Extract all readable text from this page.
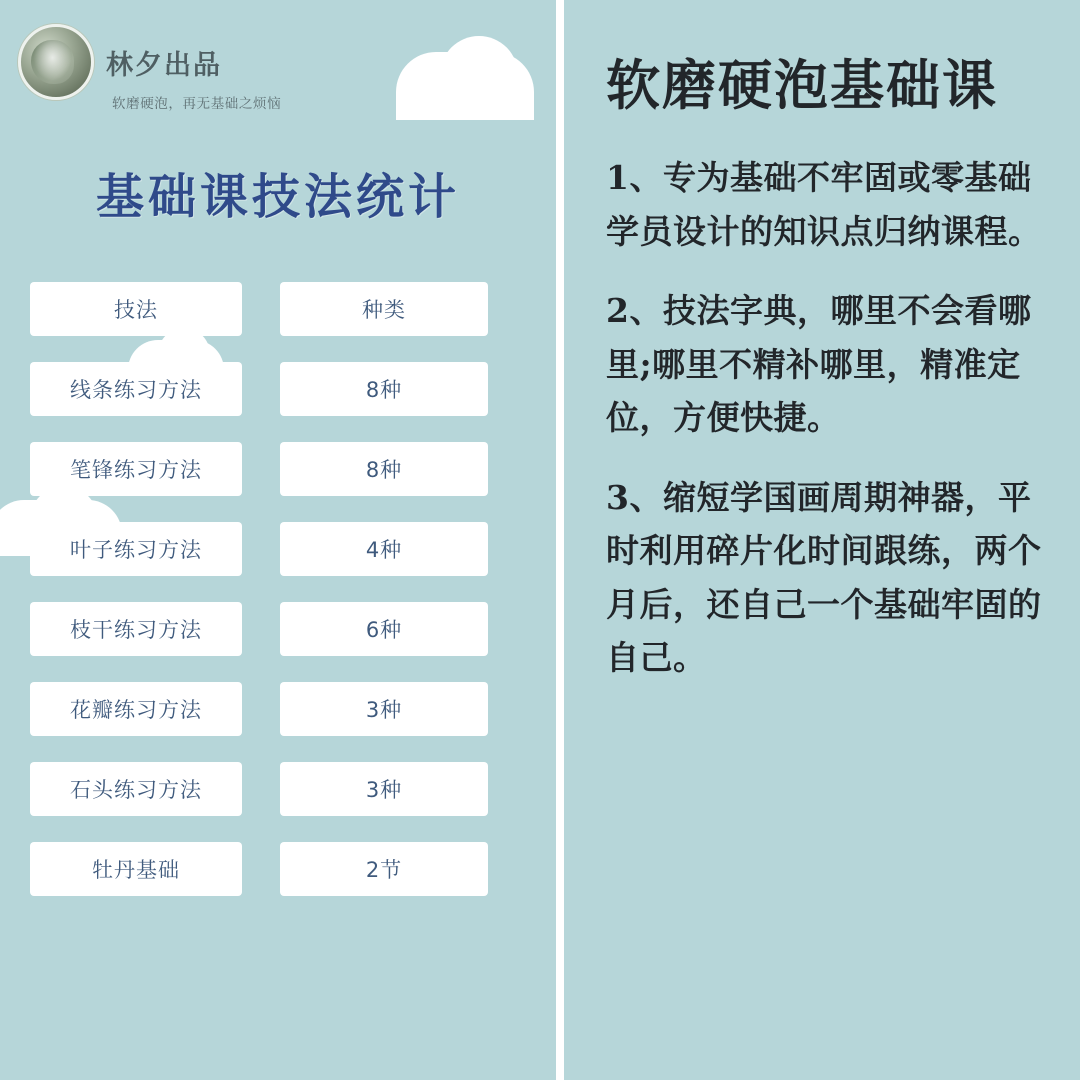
林夕出品
软磨硬泡，再无基础之烦恼
基础课技法统计
技法	种类
线条练习方法	8种
笔锋练习方法	8种
叶子练习方法	4种
枝干练习方法	6种
花瓣练习方法	3种
石头练习方法	3种
牡丹基础	2节
软磨硬泡基础课
1、专为基础不牢固或零基础学员设计的知识点归纳课程。
2、技法字典，哪里不会看哪里;哪里不精补哪里，精准定位，方便快捷。
3、缩短学国画周期神器，平时利用碎片化时间跟练，两个月后，还自己一个基础牢固的自己。
